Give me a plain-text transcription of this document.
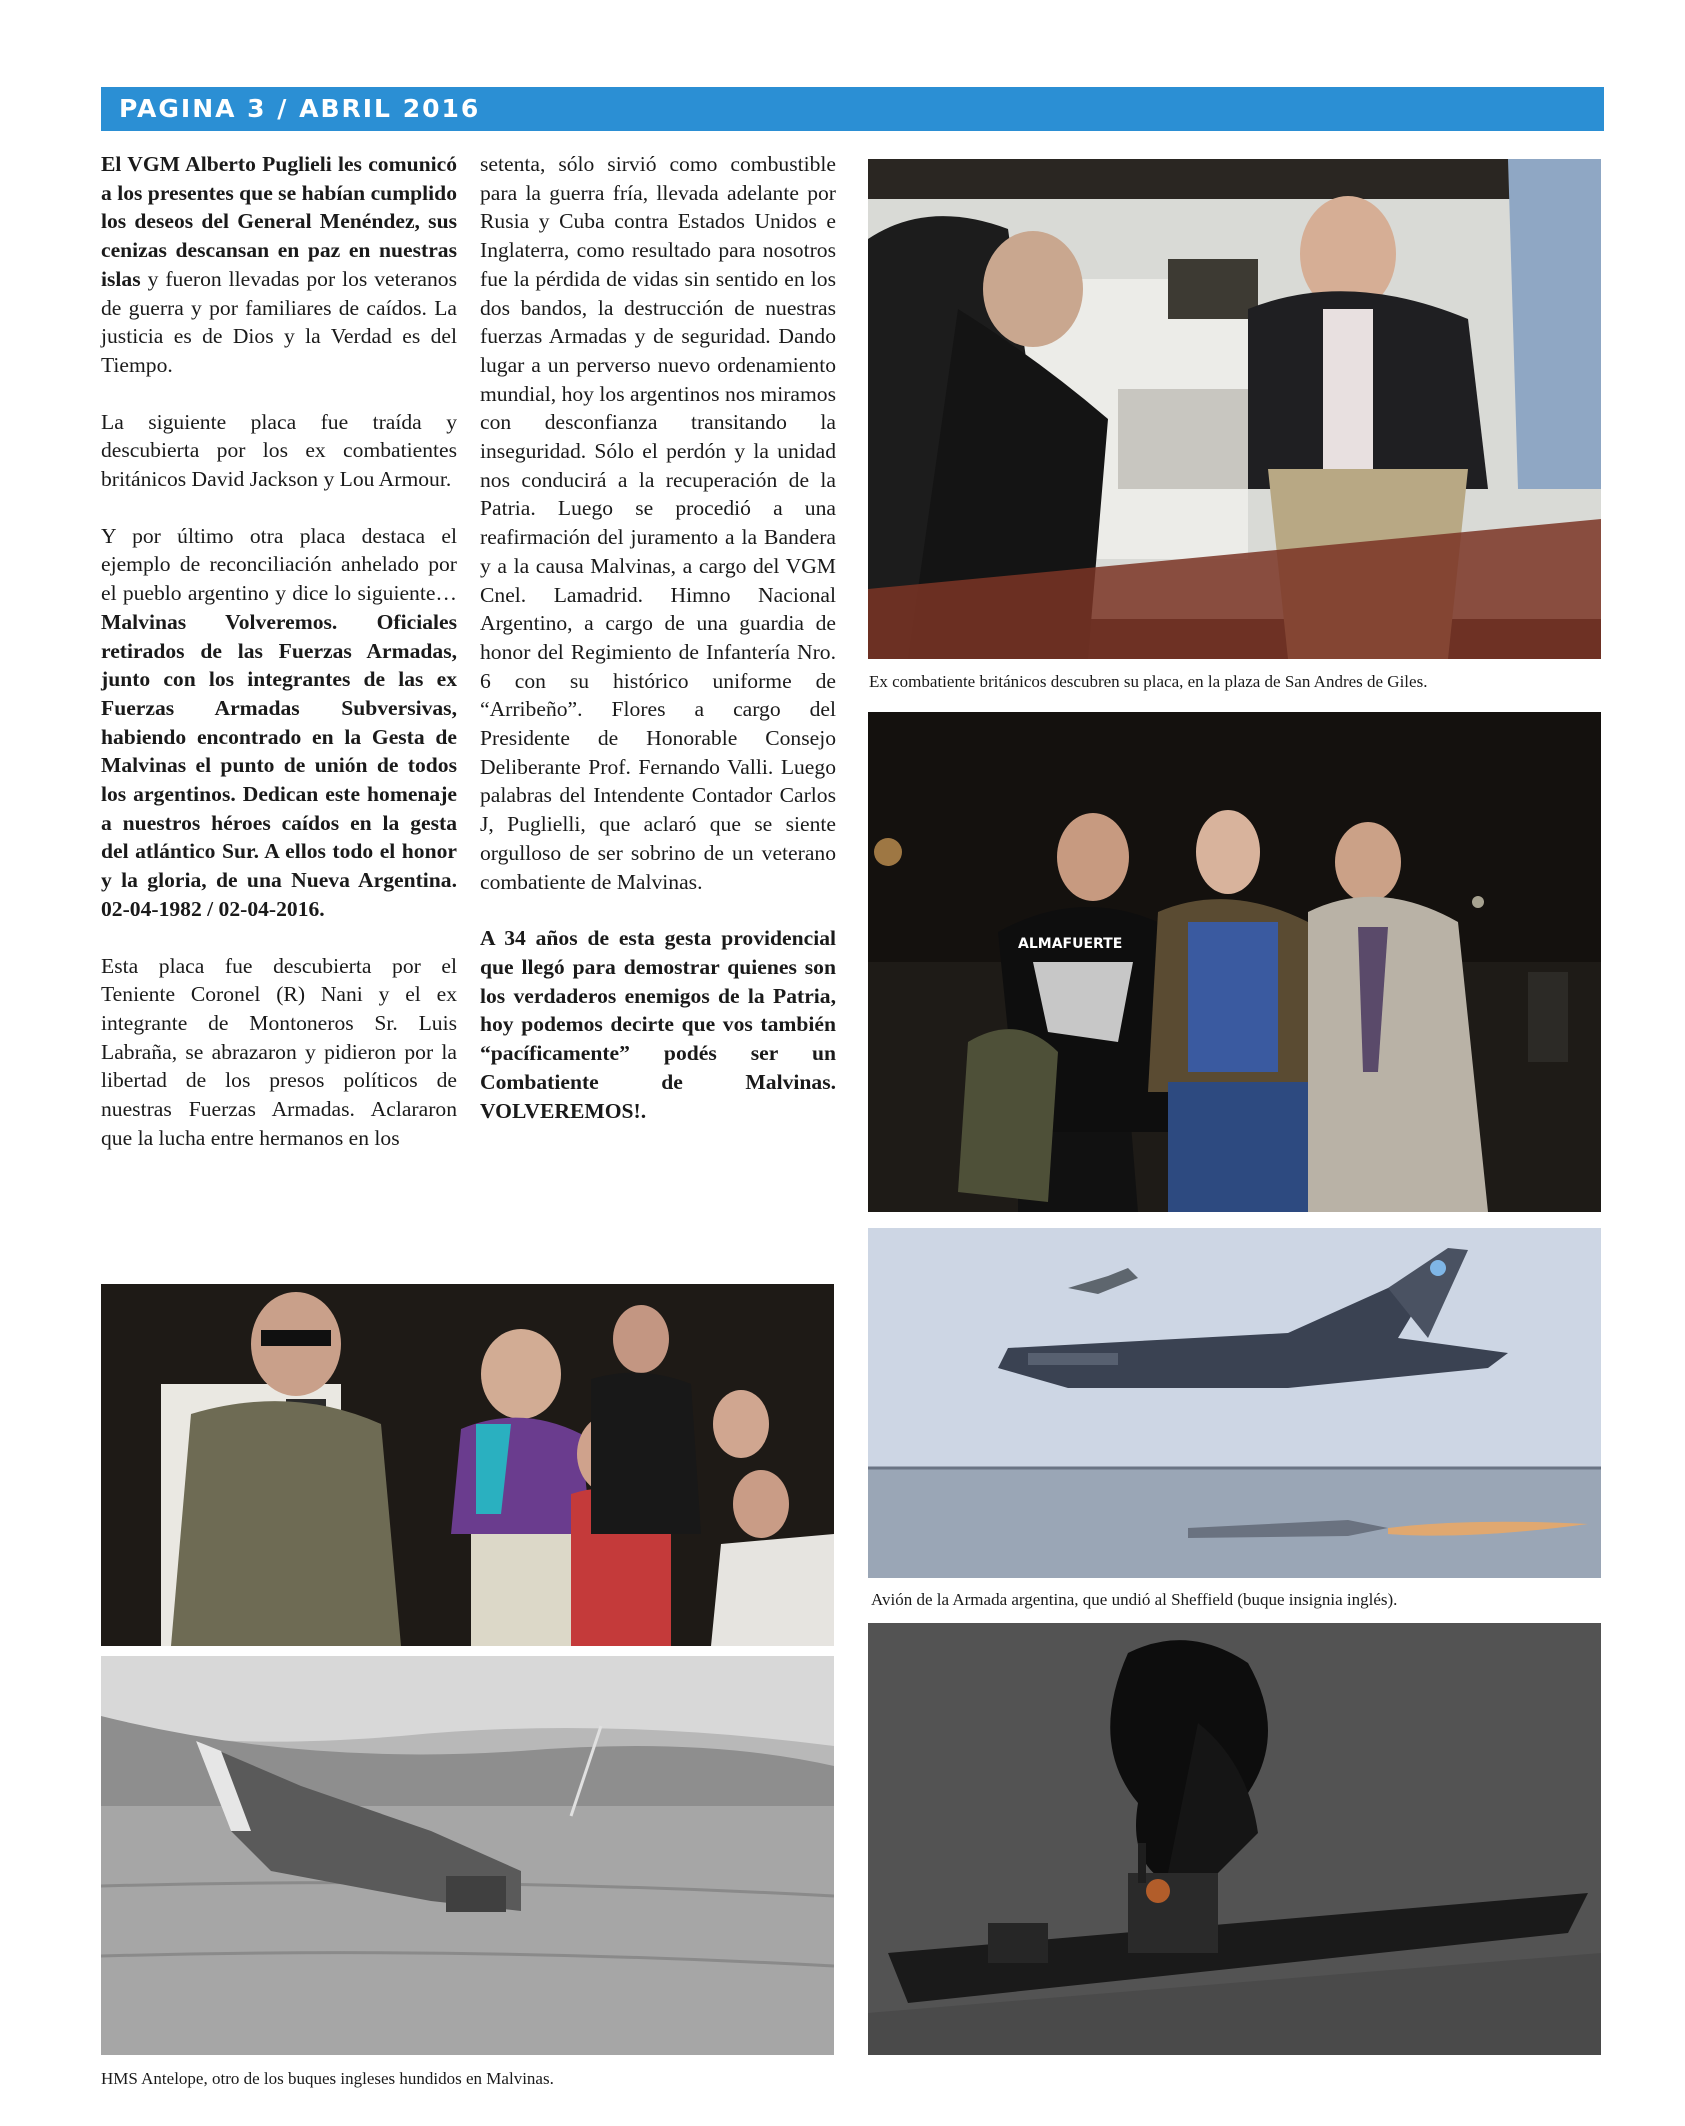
PAGINA 3 / ABRIL 2016

El VGM Alberto Puglieli les comunicó a los presentes que se habían cumplido los deseos del General Menéndez, sus cenizas descansan en paz en nuestras islas y fueron llevadas por los veteranos de guerra y por familiares de caídos. La justicia es de Dios y la Verdad es del Tiempo.

La siguiente placa fue traída y descubierta por los ex combatientes británicos David Jackson y Lou Armour.

Y por último otra placa destaca el ejemplo de reconciliación anhelado por el pueblo argentino y dice lo siguiente… Malvinas Volveremos. Oficiales retirados de las Fuerzas Armadas, junto con los integrantes de las ex Fuerzas Armadas Subversivas, habiendo encontrado en la Gesta de Malvinas el punto de unión de todos los argentinos. Dedican este homenaje a nuestros héroes caídos en la gesta del atlántico Sur. A ellos todo el honor y la gloria, de una Nueva Argentina. 02-04-1982 / 02-04-2016.

Esta placa fue descubierta por el Teniente Coronel (R) Nani y el ex integrante de Montoneros Sr. Luis Labraña, se abrazaron y pidieron por la libertad de los presos políticos de nuestras Fuerzas Armadas. Aclararon que la lucha entre hermanos en los

setenta, sólo sirvió como combustible para la guerra fría, llevada adelante por Rusia y Cuba contra Estados Unidos e Inglaterra, como resultado para nosotros fue la pérdida de vidas sin sentido en los dos bandos, la destrucción de nuestras fuerzas Armadas y de seguridad. Dando lugar a un perverso nuevo ordenamiento mundial, hoy los argentinos nos miramos con desconfianza transitando la inseguridad. Sólo el perdón y la unidad nos conducirá a la recuperación de la Patria. Luego se procedió a una reafirmación del juramento a la Bandera y a la causa Malvinas, a cargo del VGM Cnel. Lamadrid. Himno Nacional Argentino, a cargo de una guardia de honor del Regimiento de Infantería Nro. 6 con su histórico uniforme de “Arribeño”. Flores a cargo del Presidente de Honorable Consejo Deliberante Prof. Fernando Valli. Luego palabras del Intendente Contador Carlos J, Puglielli, que aclaró que se siente orgulloso de ser sobrino de un veterano combatiente de Malvinas.

A 34 años de esta gesta providencial que llegó para demostrar quienes son los verdaderos enemigos de la Patria, hoy podemos decirte que vos también “pacíficamente” podés ser un Combatiente de Malvinas. VOLVEREMOS!.

Ex combatiente británicos descubren su placa, en la plaza de San Andres de Giles.
ALMAFUERTE
Avión de la Armada argentina, que undió al Sheffield (buque insignia inglés).
HMS Antelope, otro de los buques ingleses hundidos en Malvinas.
